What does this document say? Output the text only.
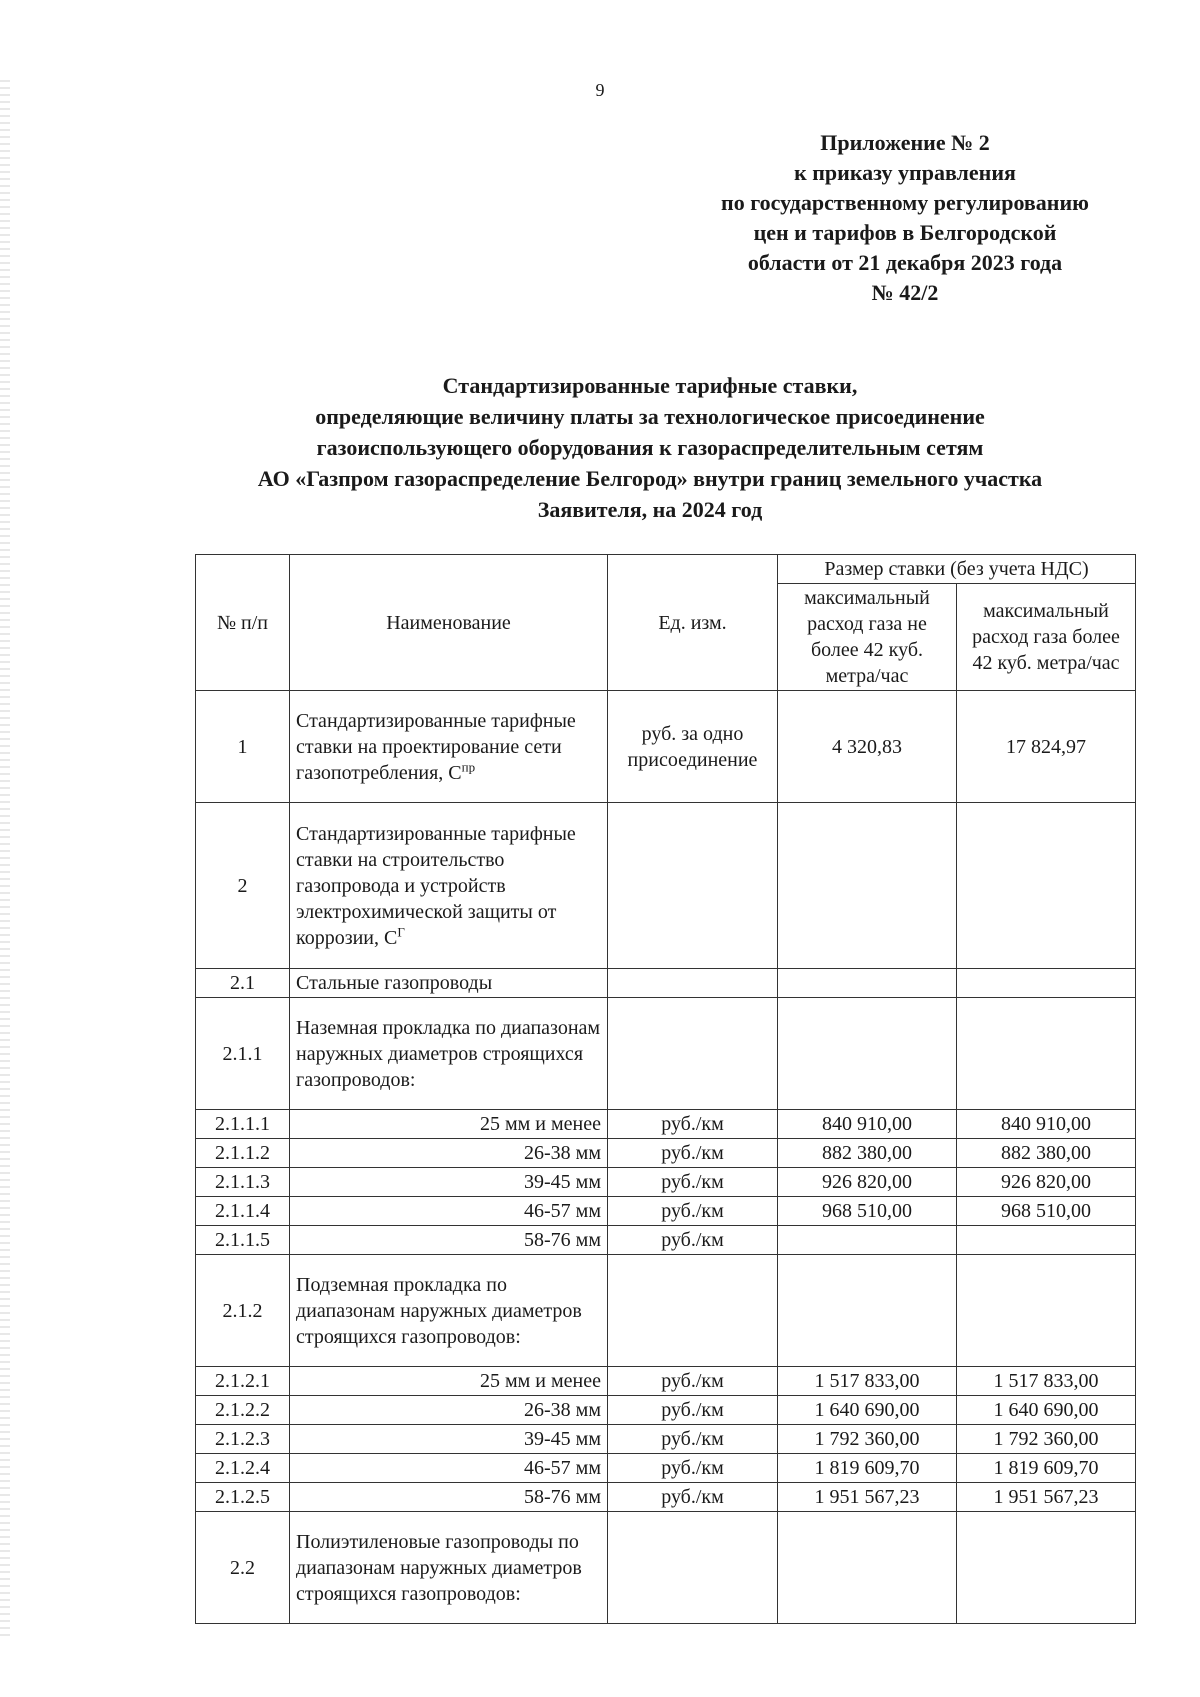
9
Приложение № 2
к приказу управления
по государственному регулированию
цен и тарифов в Белгородской
области от 21 декабря 2023 года
№ 42/2
Стандартизированные тарифные ставки,
определяющие величину платы за технологическое присоединение
газоиспользующего оборудования к газораспределительным сетям
АО «Газпром газораспределение Белгород» внутри границ земельного участка
Заявителя, на 2024 год
№ п/п	Наименование	Ед. изм.	Размер ставки (без учета НДС)	
			максимальный расход газа не более 42 куб. метра/час	максимальный расход газа более 42 куб. метра/час
1	Стандартизированные тарифные ставки на проектирование сети газопотребления, $С^{пр}$	руб. за одно присоединение	4 320,83	17 824,97
2	Стандартизированные тарифные ставки на строительство газопровода и устройств электрохимической защиты от коррозии, $С^Г$			
2.1	Стальные газопроводы			
2.1.1	Наземная прокладка по диапазонам наружных диаметров строящихся газопроводов:			
2.1.1.1	25 мм и менее	руб./км	840 910,00	840 910,00
2.1.1.2	26-38 мм	руб./км	882 380,00	882 380,00
2.1.1.3	39-45 мм	руб./км	926 820,00	926 820,00
2.1.1.4	46-57 мм	руб./км	968 510,00	968 510,00
2.1.1.5	58-76 мм	руб./км		
2.1.2	Подземная прокладка по диапазонам наружных диаметров строящихся газопроводов:			
2.1.2.1	25 мм и менее	руб./км	1 517 833,00	1 517 833,00
2.1.2.2	26-38 мм	руб./км	1 640 690,00	1 640 690,00
2.1.2.3	39-45 мм	руб./км	1 792 360,00	1 792 360,00
2.1.2.4	46-57 мм	руб./км	1 819 609,70	1 819 609,70
2.1.2.5	58-76 мм	руб./км	1 951 567,23	1 951 567,23
2.2	Полиэтиленовые газопроводы по диапазонам наружных диаметров строящихся газопроводов:			
